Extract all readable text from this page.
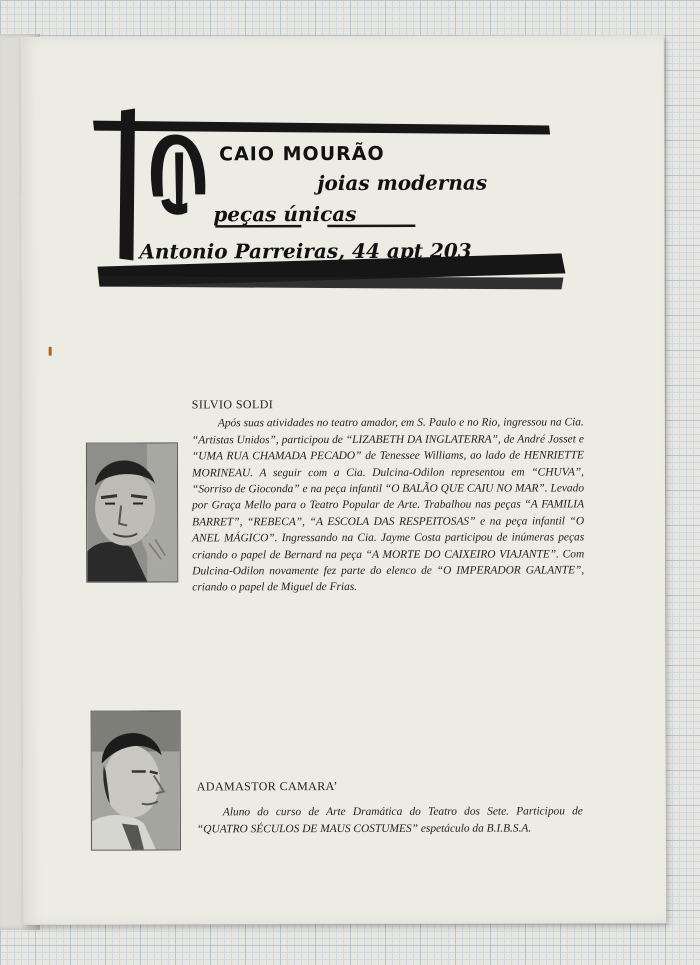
CAIO MOURÃO
joias modernas
peças únicas
Antonio Parreiras, 44 apt 203
SILVIO SOLDI

Após suas atividades no teatro amador, em S. Paulo e no Rio, ingressou na Cia. “Artistas Unidos”, participou de “LIZABETH DA INGLATERRA”, de André Josset e “UMA RUA CHAMADA PECADO” de Tenessee Williams, ao lado de HENRIETTE MORINEAU. A seguir com a Cia. Dulcina-Odilon representou em “CHUVA”, “Sorriso de Gioconda” e na peça infantil “O BALÃO QUE CAIU NO MAR”. Levado por Graça Mello para o Teatro Popular de Arte. Trabalhou nas peças “A FAMILIA BARRET”, “REBECA”, “A ESCOLA DAS RESPEITOSAS” e na peça infantil “O ANEL MÁGICO”. Ingressando na Cia. Jayme Costa participou de inúmeras peças criando o papel de Bernard na peça “A MORTE DO CAIXEIRO VIAJANTE”. Com Dulcina-Odilon novamente fez parte do elenco de “O IMPERADOR GALANTE”, criando o papel de Miguel de Frias.

ADAMASTOR CAMARA’

Aluno do curso de Arte Dramática do Teatro dos Sete. Participou de “QUATRO SÉCULOS DE MAUS COSTUMES” espetáculo da B.I.B.S.A.
